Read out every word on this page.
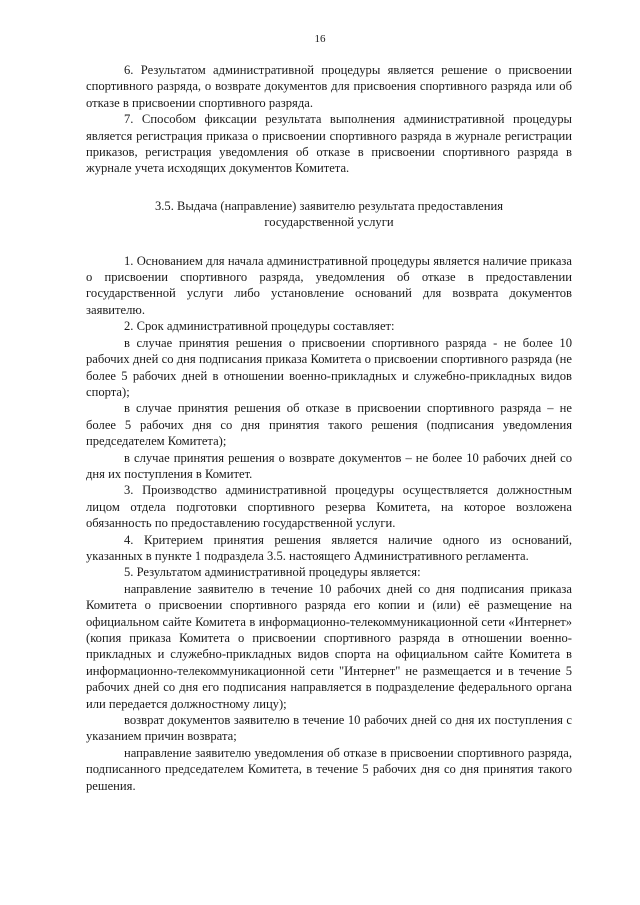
16

6. Результатом административной процедуры является решение о присвоении спортивного разряда, о возврате документов для присвоения спортивного разряда или об отказе в присвоении спортивного разряда.

7. Способом фиксации результата выполнения административной процедуры является регистрация приказа о присвоении спортивного разряда в журнале регистрации приказов, регистрация уведомления об отказе в присвоении спортивного разряда в журнале учета исходящих документов Комитета.

3.5. Выдача (направление) заявителю результата предоставления государственной услуги

1. Основанием для начала административной процедуры является наличие приказа о присвоении спортивного разряда, уведомления об отказе в предоставлении государственной услуги либо установление оснований для возврата документов заявителю.

2. Срок административной процедуры составляет:

в случае принятия решения о присвоении спортивного разряда - не более 10 рабочих дней со дня подписания приказа Комитета о присвоении спортивного разряда (не более 5 рабочих дней в отношении военно-прикладных и служебно-прикладных видов спорта);

в случае принятия решения об отказе в присвоении спортивного разряда – не более 5 рабочих дня со дня принятия такого решения (подписания уведомления председателем Комитета);

в случае принятия решения о возврате документов – не более 10 рабочих дней со дня их поступления в Комитет.

3. Производство административной процедуры осуществляется должностным лицом отдела подготовки спортивного резерва Комитета, на которое возложена обязанность по предоставлению государственной услуги.

4. Критерием принятия решения является наличие одного из оснований, указанных в пункте 1 подраздела 3.5. настоящего Административного регламента.

5. Результатом административной процедуры является:

направление заявителю в течение 10 рабочих дней со дня подписания приказа Комитета о присвоении спортивного разряда его копии и (или) её размещение на официальном сайте Комитета в информационно-телекоммуникационной сети «Интернет» (копия приказа Комитета о присвоении спортивного разряда в отношении военно-прикладных и служебно-прикладных видов спорта на официальном сайте Комитета в информационно-телекоммуникационной сети "Интернет" не размещается и в течение 5 рабочих дней со дня его подписания направляется в подразделение федерального органа или передается должностному лицу);

возврат документов заявителю в течение 10 рабочих дней со дня их поступления с указанием причин возврата;

направление заявителю уведомления об отказе в присвоении спортивного разряда, подписанного председателем Комитета, в течение 5 рабочих дня со дня принятия такого решения.
